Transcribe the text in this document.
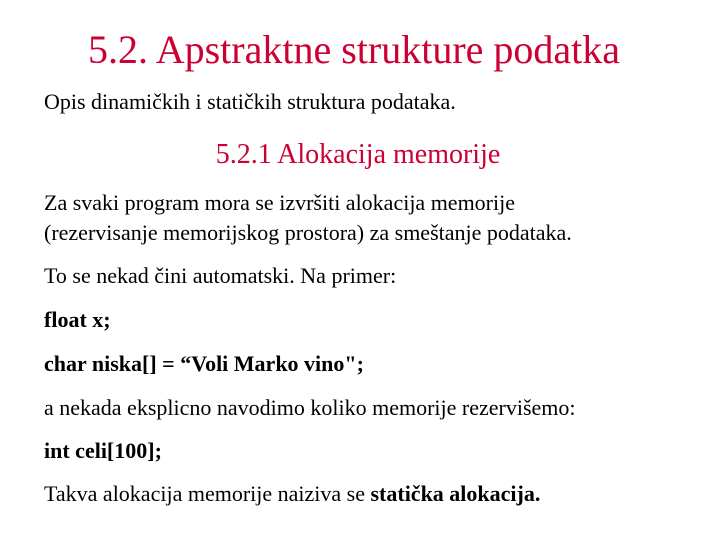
5.2. Apstraktne strukture podatka
Opis dinamičkih i statičkih struktura podataka.
5.2.1 Alokacija memorije
Za svaki program mora se izvršiti alokacija memorije
(rezervisanje memorijskog prostora) za smeštanje podataka.
To se nekad čini automatski. Na primer:
float x;
char niska[] = “Voli Marko vino";
a nekada eksplicno navodimo koliko memorije rezervišemo:
int celi[100];
Takva alokacija memorije naiziva se statička alokacija.
